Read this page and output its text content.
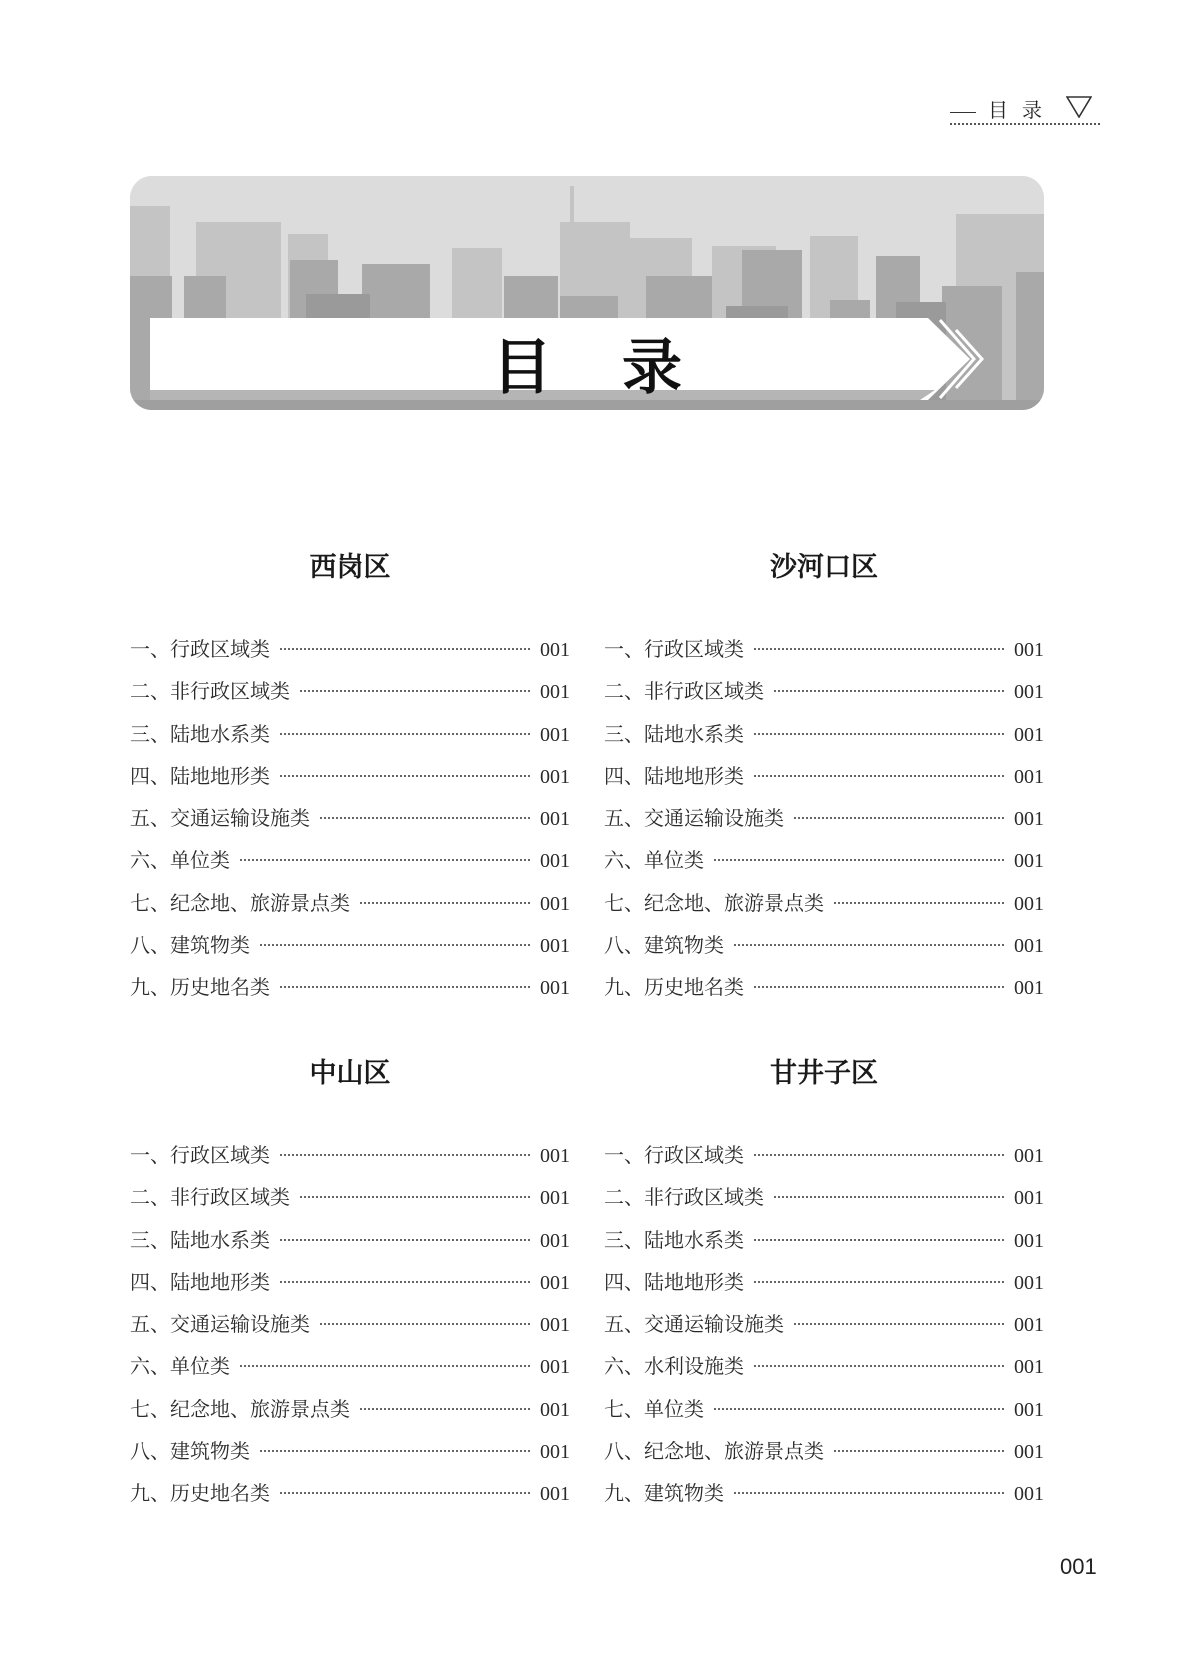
目录
目录
西岗区
一、 行政区域类	001
二、 非行政区域类	001
三、 陆地水系类	001
四、 陆地地形类	001
五、 交通运输设施类	001
六、 单位类	001
七、 纪念地、旅游景点类	001
八、 建筑物类	001
九、 历史地名类	001
沙河口区
一、 行政区域类	001
二、 非行政区域类	001
三、 陆地水系类	001
四、 陆地地形类	001
五、 交通运输设施类	001
六、 单位类	001
七、 纪念地、旅游景点类	001
八、 建筑物类	001
九、 历史地名类	001
中山区
一、 行政区域类	001
二、 非行政区域类	001
三、 陆地水系类	001
四、 陆地地形类	001
五、 交通运输设施类	001
六、 单位类	001
七、 纪念地、旅游景点类	001
八、 建筑物类	001
九、 历史地名类	001
甘井子区
一、 行政区域类	001
二、 非行政区域类	001
三、 陆地水系类	001
四、 陆地地形类	001
五、 交通运输设施类	001
六、 水利设施类	001
七、 单位类	001
八、 纪念地、旅游景点类	001
九、 建筑物类	001
001
